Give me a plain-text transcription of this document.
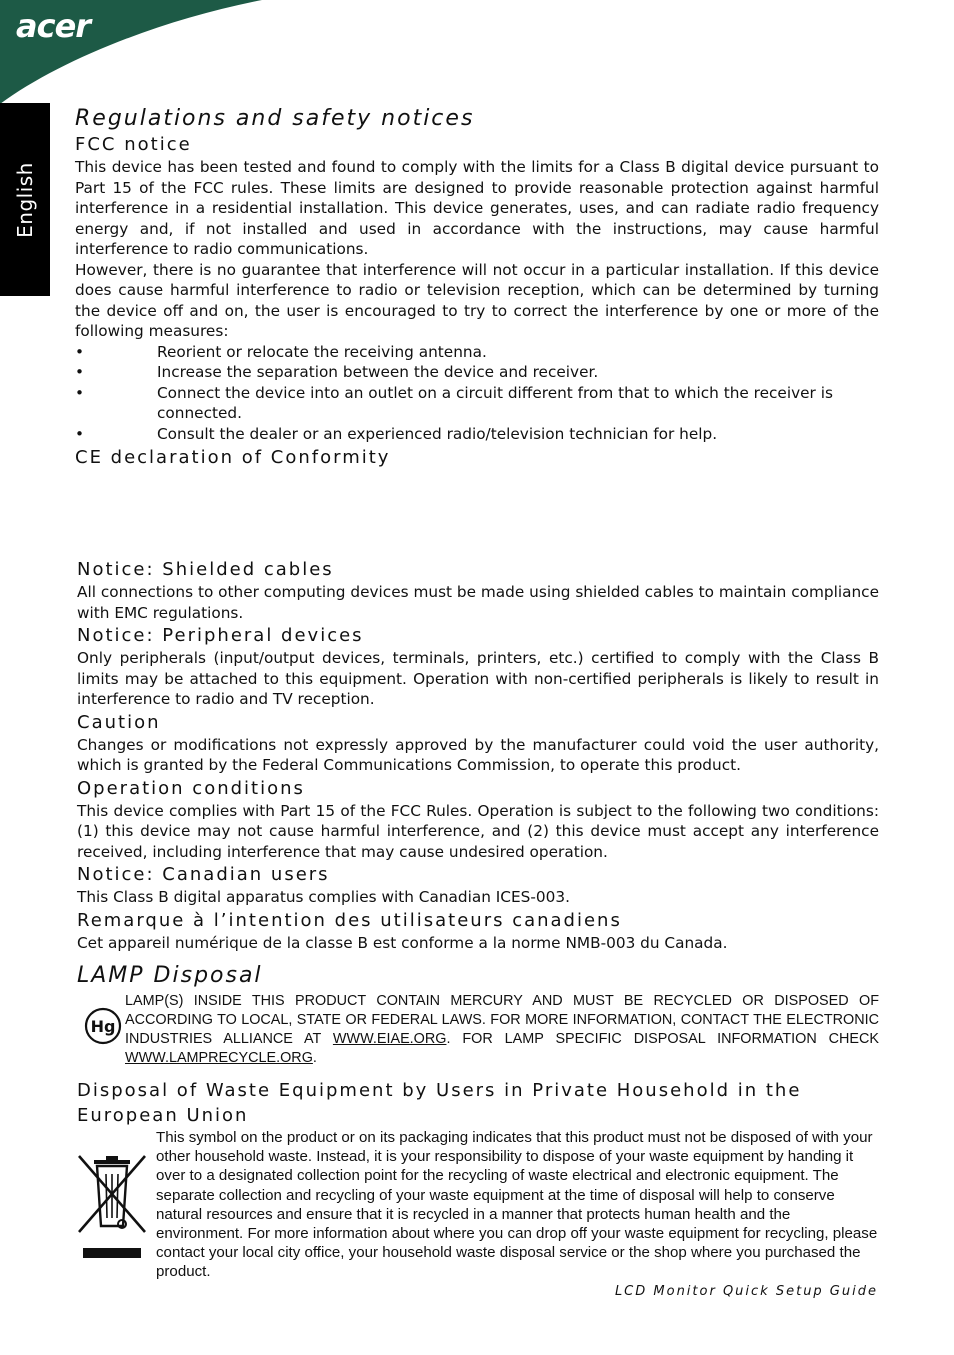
acer
English
Regulations and safety notices
FCC notice

This device has been tested and found to comply with the limits for a Class B digital device pursuant to Part 15 of the FCC rules. These limits are designed to provide reasonable protection against harmful interference in a residential installation. This device generates, uses, and can radiate radio frequency energy and, if not installed and used in accordance with the instructions, may cause harmful interference to radio communications.

However, there is no guarantee that interference will not occur in a particular installation. If this device does cause harmful interference to radio or television reception, which can be determined by turning the device off and on, the user is encouraged to try to correct the interference by one or more of the following measures:

• Reorient or relocate the receiving antenna.
• Increase the separation between the device and receiver.
• Connect the device into an outlet on a circuit different from that to which the receiver is connected.
• Consult the dealer or an experienced radio/television technician for help.
CE declaration of Conformity
Notice: Shielded cables

All connections to other computing devices must be made using shielded cables to maintain compliance with EMC regulations.

Notice: Peripheral devices

Only peripherals (input/output devices, terminals, printers, etc.) certified to comply with the Class B limits may be attached to this equipment. Operation with non-certified peripherals is likely to result in interference to radio and TV reception.

Caution

Changes or modifications not expressly approved by the manufacturer could void the user authority, which is granted by the Federal Communications Commission, to operate this product.

Operation conditions

This device complies with Part 15 of the FCC Rules. Operation is subject to the following two conditions: (1) this device may not cause harmful interference, and (2) this device must accept any interference received, including interference that may cause undesired operation.

Notice: Canadian users

This Class B digital apparatus complies with Canadian ICES-003.

Remarque à l’intention des utilisateurs canadiens

Cet appareil numérique de la classe B est conforme a la norme NMB-003 du Canada.

LAMP Disposal
Hg

LAMP(S) INSIDE THIS PRODUCT CONTAIN MERCURY AND MUST BE RECYCLED OR DISPOSED OF ACCORDING TO LOCAL, STATE OR FEDERAL LAWS. FOR MORE INFORMATION, CONTACT THE ELECTRONIC INDUSTRIES ALLIANCE AT WWW.EIAE.ORG. FOR LAMP SPECIFIC DISPOSAL INFORMATION CHECK WWW.LAMPRECYCLE.ORG.

Disposal of Waste Equipment by Users in Private Household in the European Union

This symbol on the product or on its packaging indicates that this product must not be disposed of with your other household waste. Instead, it is your responsibility to dispose of your waste equipment by handing it over to a designated collection point for the recycling of waste electrical and electronic equipment. The separate collection and recycling of your waste equipment at the time of disposal will help to conserve natural resources and ensure that it is recycled in a manner that protects human health and the environment. For more information about where you can drop off your waste equipment for recycling, please contact your local city office, your household waste disposal service or the shop where you purchased the product.

LCD Monitor Quick Setup Guide
